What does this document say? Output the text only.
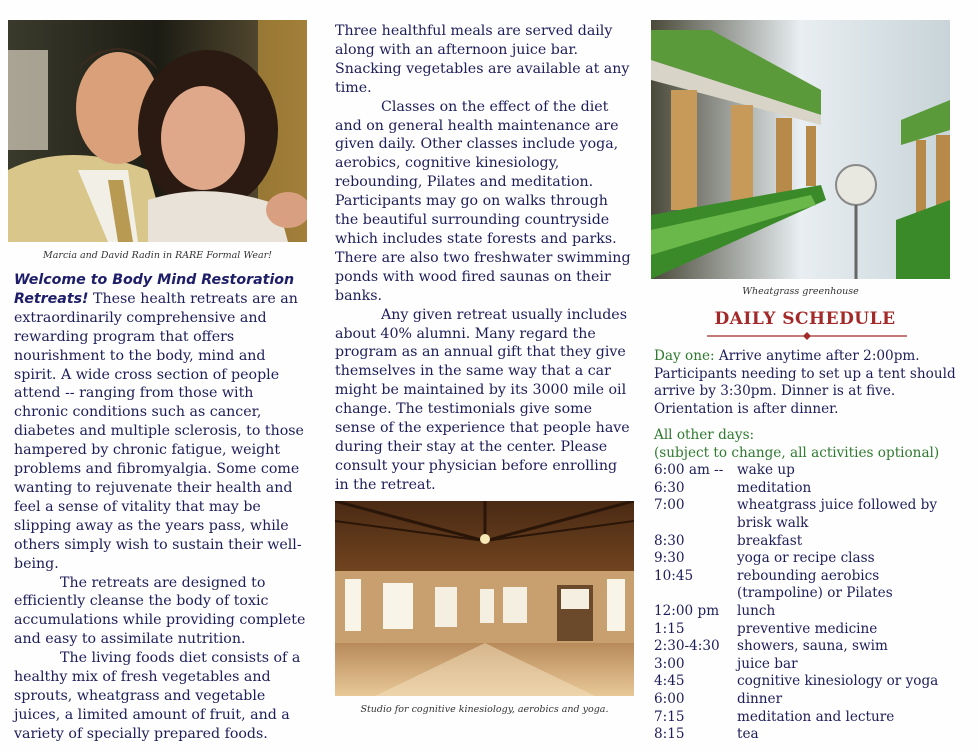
Marcia and David Radin in RARE Formal Wear!

Welcome to Body Mind Restoration Retreats! These health retreats are an extraordinarily comprehensive and rewarding program that offers nourishment to the body, mind and spirit. A wide cross section of people attend -- ranging from those with chronic conditions such as cancer, diabetes and multiple sclerosis, to those hampered by chronic fatigue, weight problems and fibromyalgia. Some come wanting to rejuvenate their health and feel a sense of vitality that may be slipping away as the years pass, while others simply wish to sustain their well-being.

The retreats are designed to efficiently cleanse the body of toxic accumulations while providing complete and easy to assimilate nutrition.

The living foods diet consists of a healthy mix of fresh vegetables and sprouts, wheatgrass and vegetable juices, a limited amount of fruit, and a variety of specially prepared foods.

Three healthful meals are served daily along with an afternoon juice bar. Snacking vegetables are available at any time.

Classes on the effect of the diet and on general health maintenance are given daily. Other classes include yoga, aerobics, cognitive kinesiology, rebounding, Pilates and meditation. Participants may go on walks through the beautiful surrounding countryside which includes state forests and parks. There are also two freshwater swimming ponds with wood fired saunas on their banks.

Any given retreat usually includes about 40% alumni. Many regard the program as an annual gift that they give themselves in the same way that a car might be maintained by its 3000 mile oil change. The testimonials give some sense of the experience that people have during their stay at the center. Please consult your physician before enrolling in the retreat.

Studio for cognitive kinesiology, aerobics and yoga.
Wheatgrass greenhouse
DAILY SCHEDULE
Day one: Arrive anytime after 2:00pm. Participants needing to set up a tent should arrive by 3:30pm. Dinner is at five. Orientation is after dinner.
All other days:
(subject to change, all activities optional)
6:00 am --	wake up
6:30	meditation
7:00	wheatgrass juice followed by brisk walk
8:30	breakfast
9:30	yoga or recipe class
10:45	rebounding aerobics (trampoline) or Pilates
12:00 pm	lunch
1:15	preventive medicine
2:30-4:30	showers, sauna, swim
3:00	juice bar
4:45	cognitive kinesiology or yoga
6:00	dinner
7:15	meditation and lecture
8:15	tea
